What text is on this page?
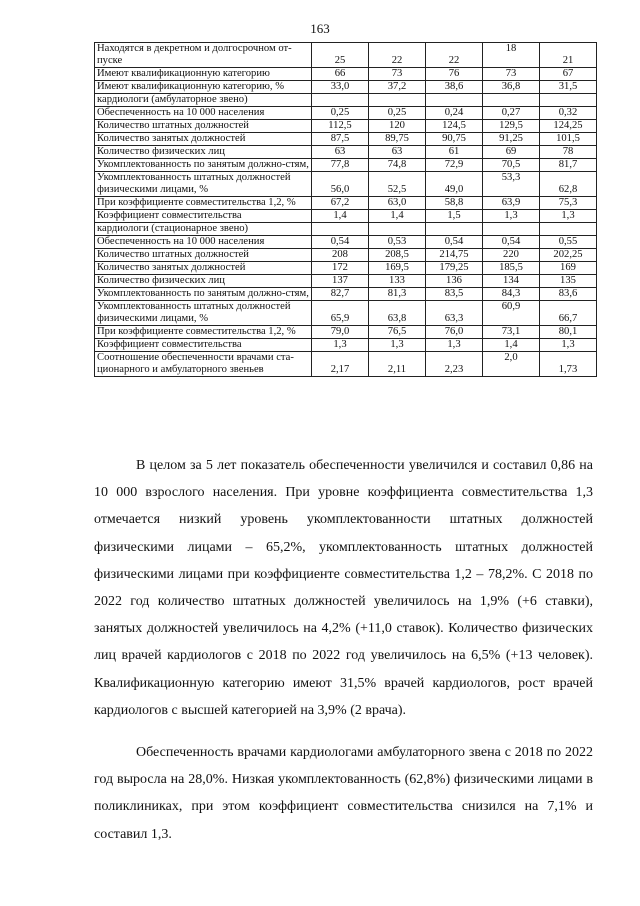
163
Находятся в декретном и долгосрочном от-пуске	25	22	22	18	21
Имеют квалификационную категорию	66	73	76	73	67
Имеют квалификационную категорию, %	33,0	37,2	38,6	36,8	31,5
кардиологи (амбулаторное звено)					
Обеспеченность на 10 000 населения	0,25	0,25	0,24	0,27	0,32
Количество штатных должностей	112,5	120	124,5	129,5	124,25
Количество занятых должностей	87,5	89,75	90,75	91,25	101,5
Количество физических лиц	63	63	61	69	78
Укомплектованность по занятым должно-стям,	77,8	74,8	72,9	70,5	81,7
Укомплектованность штатных должностей физическими лицами, %	56,0	52,5	49,0	53,3	62,8
При коэффициенте совместительства 1,2, %	67,2	63,0	58,8	63,9	75,3
Коэффициент совместительства	1,4	1,4	1,5	1,3	1,3
кардиологи (стационарное звено)					
Обеспеченность на 10 000 населения	0,54	0,53	0,54	0,54	0,55
Количество штатных должностей	208	208,5	214,75	220	202,25
Количество занятых должностей	172	169,5	179,25	185,5	169
Количество физических лиц	137	133	136	134	135
Укомплектованность по занятым должно-стям,	82,7	81,3	83,5	84,3	83,6
Укомплектованность штатных должностей физическими лицами, %	65,9	63,8	63,3	60,9	66,7
При коэффициенте совместительства 1,2, %	79,0	76,5	76,0	73,1	80,1
Коэффициент совместительства	1,3	1,3	1,3	1,4	1,3
Соотношение обеспеченности врачами ста-ционарного и амбулаторного звеньев	2,17	2,11	2,23	2,0	1,73

В целом за 5 лет показатель обеспеченности увеличился и составил 0,86 на 10 000 взрослого населения. При уровне коэффициента совместительства 1,3 отмечается низкий уровень укомплектованности штатных должностей физическими лицами – 65,2%, укомплектованность штатных должностей физическими лицами при коэффициенте совместительства 1,2 – 78,2%. С 2018 по 2022 год количество штатных должностей увеличилось на 1,9% (+6 ставки), занятых должностей увеличилось на 4,2% (+11,0 ставок). Количество физических лиц врачей кардиологов с 2018 по 2022 год увеличилось на 6,5% (+13 человек). Квалификационную категорию имеют 31,5% врачей кардиологов, рост врачей кардиологов с высшей категорией на 3,9% (2 врача).

Обеспеченность врачами кардиологами амбулаторного звена с 2018 по 2022 год выросла на 28,0%. Низкая укомплектованность (62,8%) физическими лицами в поликлиниках, при этом коэффициент совместительства снизился на 7,1% и составил 1,3.
